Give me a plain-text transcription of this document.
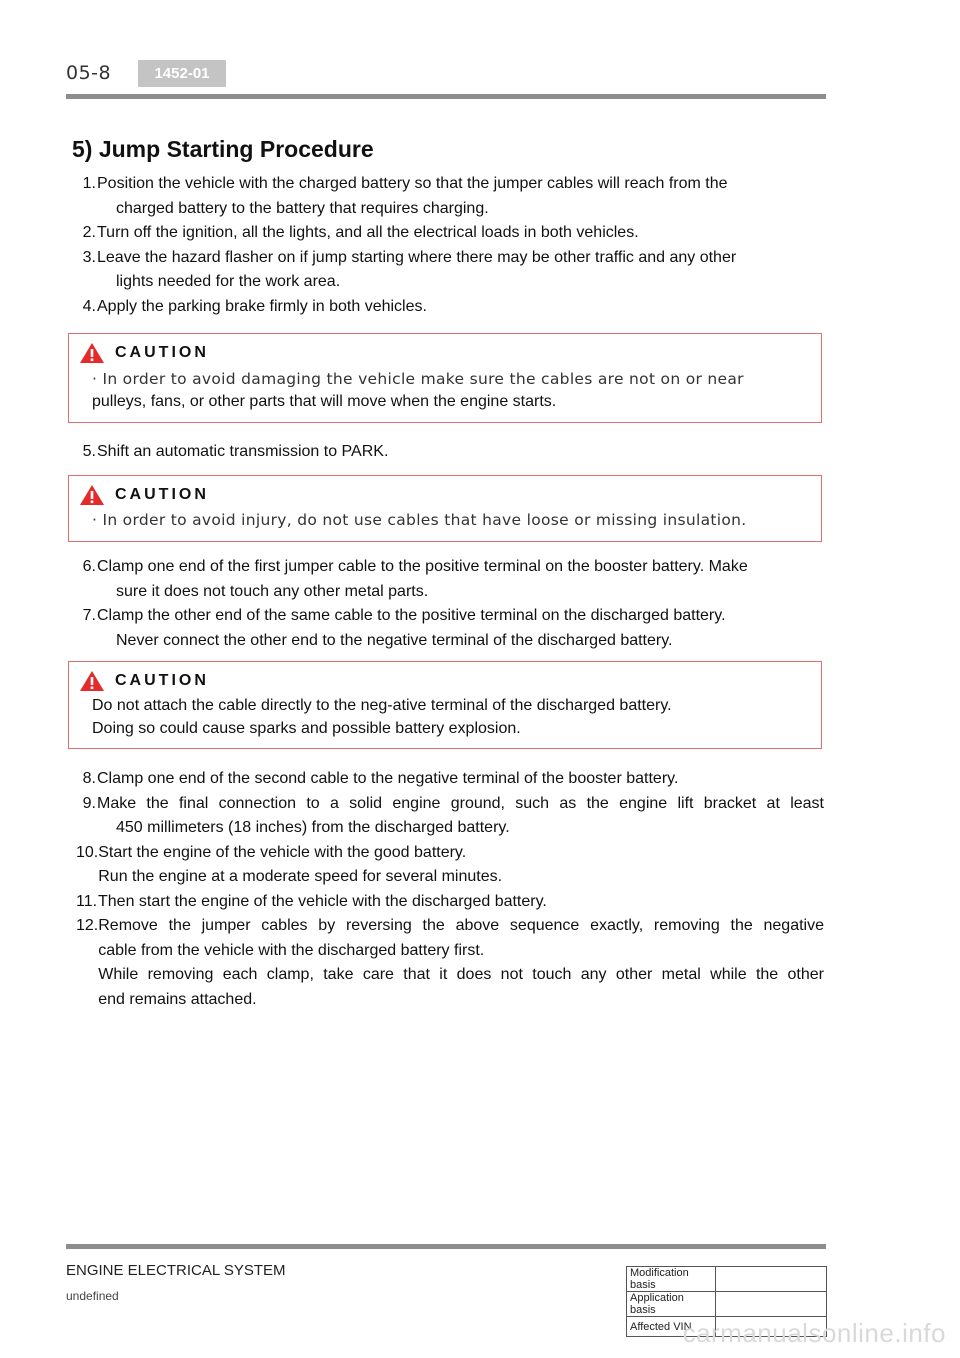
05-8	1452-01
5) Jump Starting Procedure
1. Position the vehicle with the charged battery so that the jumper cables will reach from the
charged battery to the battery that requires charging.
2. Turn off the ignition, all the lights, and all the electrical loads in both vehicles.
3. Leave the hazard flasher on if jump starting where there may be other traffic and any other
lights needed for the work area.
4. Apply the parking brake firmly in both vehicles.
CAUTION
· In order to avoid damaging the vehicle make sure the cables are not on or near
pulleys, fans, or other parts that will move when the engine starts.
5. Shift an automatic transmission to PARK.
CAUTION
· In order to avoid injury, do not use cables that have loose or missing insulation.
6. Clamp one end of the first jumper cable to the positive terminal on the booster battery. Make
sure it does not touch any other metal parts.
7. Clamp the other end of the same cable to the positive terminal on the discharged battery.
Never connect the other end to the negative terminal of the discharged battery.
CAUTION
Do not attach the cable directly to the neg-ative terminal of the discharged battery.
Doing so could cause sparks and possible battery explosion.
8. Clamp one end of the second cable to the negative terminal of the booster battery.
9. Make the final connection to a solid engine ground, such as the engine lift bracket at least
450 millimeters (18 inches) from the discharged battery.
10. Start the engine of the vehicle with the good battery.
Run the engine at a moderate speed for several minutes.
11. Then start the engine of the vehicle with the discharged battery.
12. Remove the jumper cables by reversing the above sequence exactly, removing the negative
cable from the vehicle with the discharged battery first.
While removing each clamp, take care that it does not touch any other metal while the other
end remains attached.
ENGINE ELECTRICAL SYSTEM
undefined
Modification basis	
Application basis	
Affected VIN	
carmanualsonline.info
